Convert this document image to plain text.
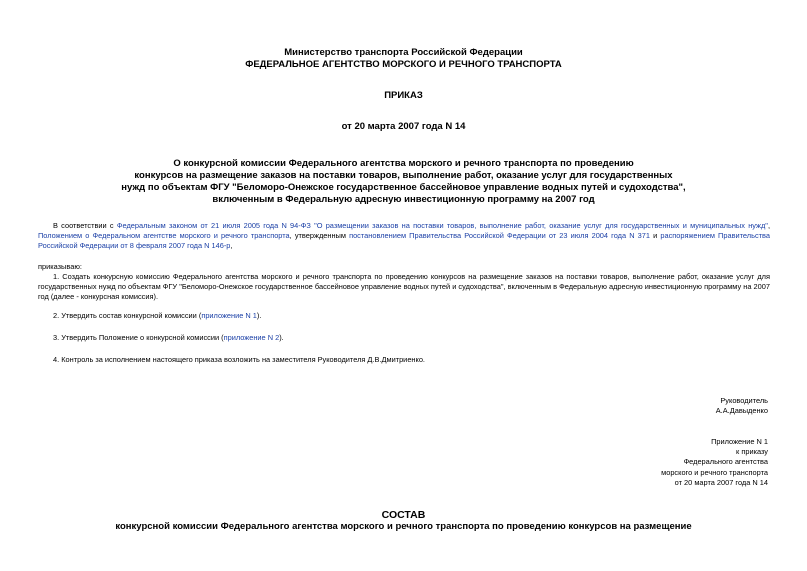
Министерство транспорта Российской Федерации
ФЕДЕРАЛЬНОЕ АГЕНТСТВО МОРСКОГО И РЕЧНОГО ТРАНСПОРТА
ПРИКАЗ
от 20 марта 2007 года N 14
О конкурсной комиссии Федерального агентства морского и речного транспорта по проведению
конкурсов на размещение заказов на поставки товаров, выполнение работ, оказание услуг для государственных
нужд по объектам ФГУ "Беломоро-Онежское государственное бассейновое управление водных путей и судоходства",
включенным в Федеральную адресную инвестиционную программу на 2007 год

В соответствии с Федеральным законом от 21 июля 2005 года N 94-ФЗ "О размещении заказов на поставки товаров, выполнение работ, оказание услуг для государственных и муниципальных нужд", Положением о Федеральном агентстве морского и речного транспорта, утвержденным постановлением Правительства Российской Федерации от 23 июля 2004 года N 371 и распоряжением Правительства Российской Федерации от 8 февраля 2007 года N 146-р,

приказываю:

1. Создать конкурсную комиссию Федерального агентства морского и речного транспорта по проведению конкурсов на размещение заказов на поставки товаров, выполнение работ, оказание услуг для государственных нужд по объектам ФГУ "Беломоро-Онежское государственное бассейновое управление водных путей и судоходства", включенным в Федеральную адресную инвестиционную программу на 2007 год (далее - конкурсная комиссия).

2. Утвердить состав конкурсной комиссии (приложение N 1).

3. Утвердить Положение о конкурсной комиссии (приложение N 2).

4. Контроль за исполнением настоящего приказа возложить на заместителя Руководителя Д.В.Дмитриенко.

Руководитель
А.А.Давыденко
Приложение N 1
к приказу
Федерального агентства
морского и речного транспорта
от 20 марта 2007 года N 14
СОСТАВ
конкурсной комиссии Федерального агентства морского и речного транспорта по проведению конкурсов на размещение
